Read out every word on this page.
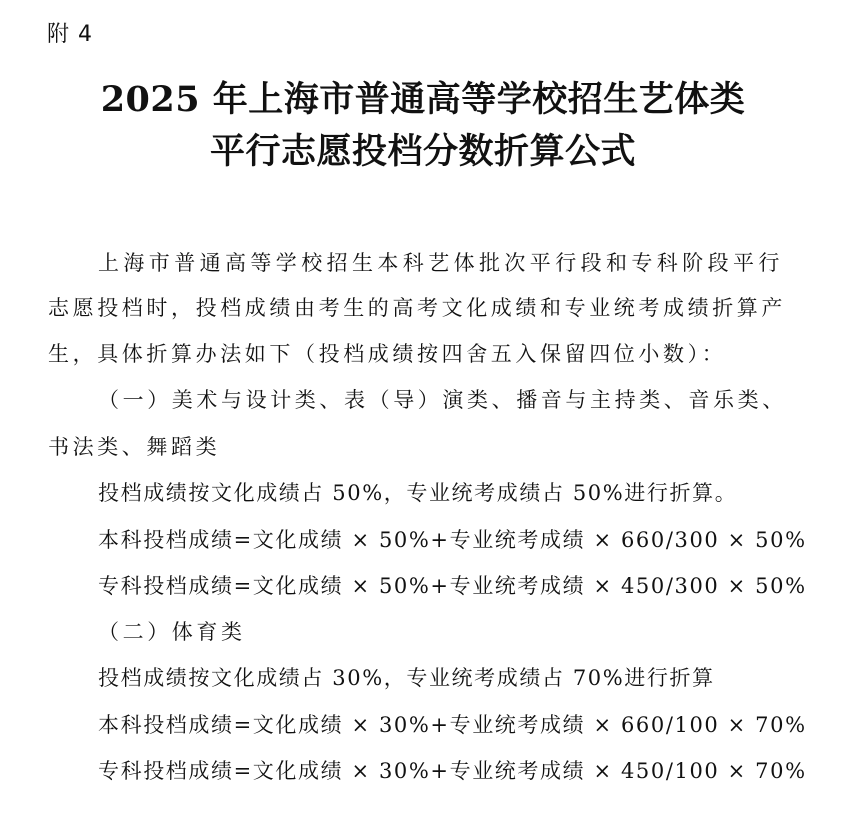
附 4
2025 年上海市普通高等学校招生艺体类
平行志愿投档分数折算公式
上海市普通高等学校招生本科艺体批次平行段和专科阶段平行
志愿投档时，投档成绩由考生的高考文化成绩和专业统考成绩折算产
生，具体折算办法如下（投档成绩按四舍五入保留四位小数）：
（一）美术与设计类、表（导）演类、播音与主持类、音乐类、
书法类、舞蹈类
投档成绩按文化成绩占 50%，专业统考成绩占 50%进行折算。
本科投档成绩=文化成绩 × 50%+专业统考成绩 × 660/300 × 50%
专科投档成绩=文化成绩 × 50%+专业统考成绩 × 450/300 × 50%
（二）体育类
投档成绩按文化成绩占 30%，专业统考成绩占 70%进行折算
本科投档成绩=文化成绩 × 30%+专业统考成绩 × 660/100 × 70%
专科投档成绩=文化成绩 × 30%+专业统考成绩 × 450/100 × 70%
